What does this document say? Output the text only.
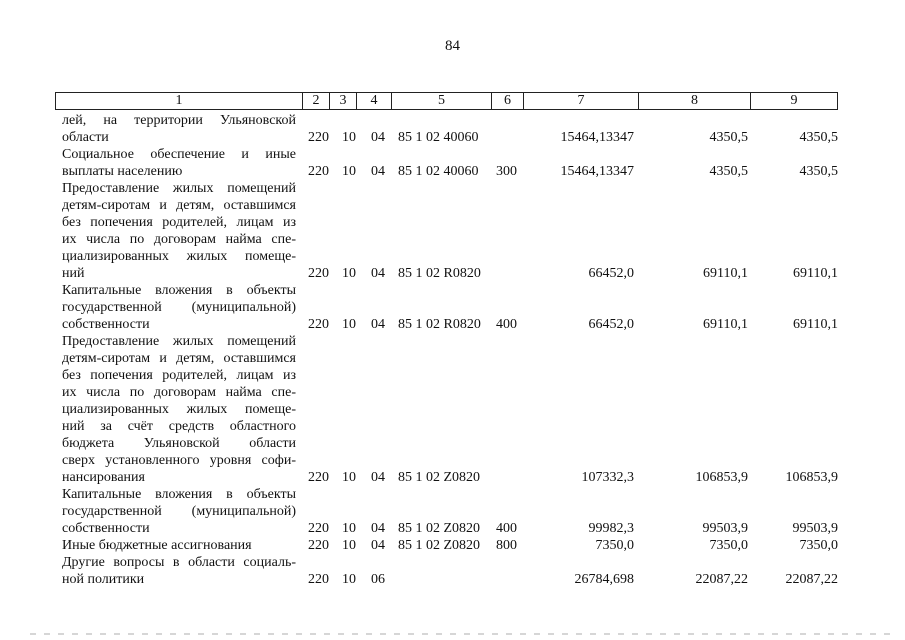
84
1	2	3	4	5	6	7	8	9
лей, на территории Ульяновской
области	220 10 04 85 1 02 40060	15464,13347	4350,5	4350,5
Социальное обеспечение и иные
выплаты населению	220 10 04 85 1 02 40060 300	15464,13347	4350,5	4350,5
Предоставление жилых помещений
детям-сиротам и детям, оставшимся
без попечения родителей, лицам из
их числа по договорам найма спе-
циализированных жилых помеще-
ний	220 10 04 85 1 02 R0820	66452,0	69110,1	69110,1
Капитальные вложения в объекты
государственной (муниципальной)
собственности	220 10 04 85 1 02 R0820 400	66452,0	69110,1	69110,1
Предоставление жилых помещений
детям-сиротам и детям, оставшимся
без попечения родителей, лицам из
их числа по договорам найма спе-
циализированных жилых помеще-
ний за счёт средств областного
бюджета Ульяновской области
сверх установленного уровня софи-
нансирования	220 10 04 85 1 02 Z0820	107332,3	106853,9	106853,9
Капитальные вложения в объекты
государственной (муниципальной)
собственности	220 10 04 85 1 02 Z0820 400	99982,3	99503,9	99503,9
Иные бюджетные ассигнования	220 10 04 85 1 02 Z0820 800	7350,0	7350,0	7350,0
Другие вопросы в области социаль-
ной политики	220 10 06	26784,698	22087,22	22087,22
